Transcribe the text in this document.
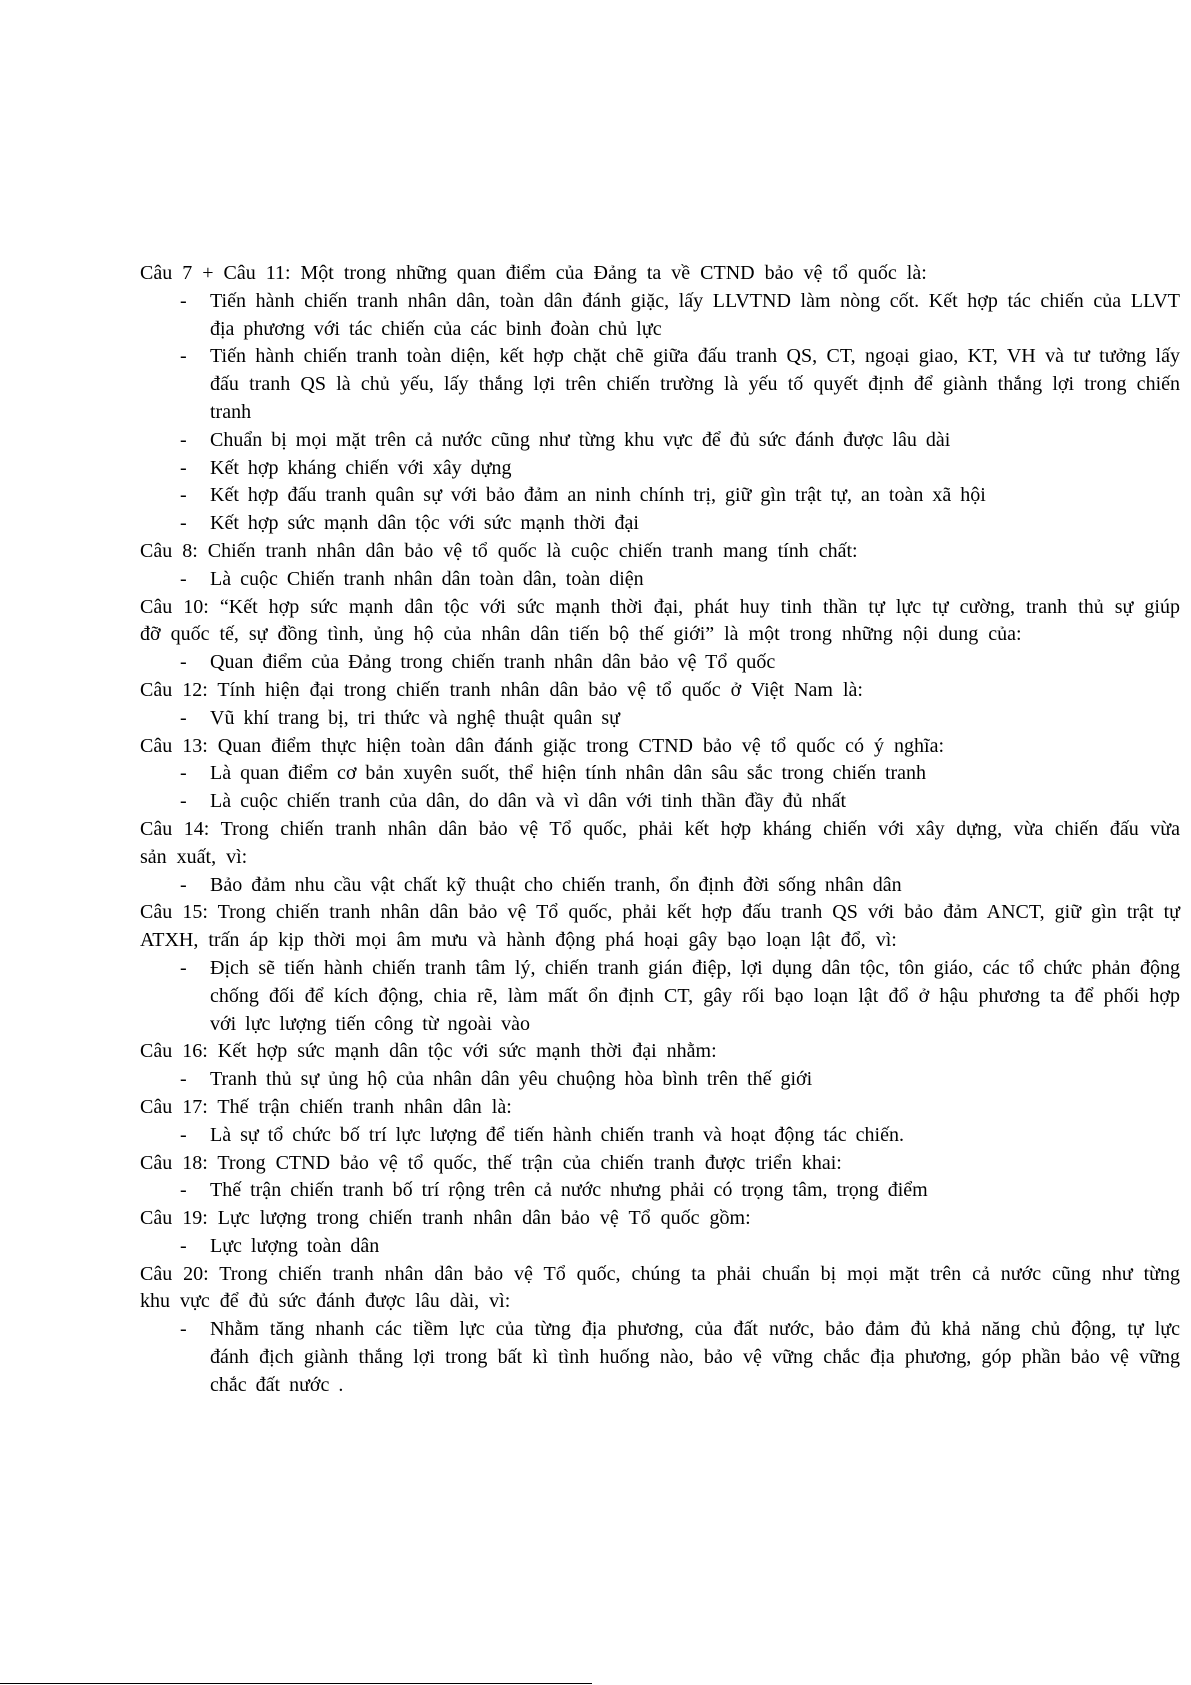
Câu 7 + Câu 11: Một trong những quan điểm của Đảng ta về CTND bảo vệ tổ quốc là:

- Tiến hành chiến tranh nhân dân, toàn dân đánh giặc, lấy LLVTND làm nòng cốt. Kết hợp tác chiến của LLVT địa phương với tác chiến của các binh đoàn chủ lực
- Tiến hành chiến tranh toàn diện, kết hợp chặt chẽ giữa đấu tranh QS, CT, ngoại giao, KT, VH và tư tưởng lấy đấu tranh QS là chủ yếu, lấy thắng lợi trên chiến trường là yếu tố quyết định để giành thắng lợi trong chiến tranh
- Chuẩn bị mọi mặt trên cả nước cũng như từng khu vực để đủ sức đánh được lâu dài
- Kết hợp kháng chiến với xây dựng
- Kết hợp đấu tranh quân sự với bảo đảm an ninh chính trị, giữ gìn trật tự, an toàn xã hội
- Kết hợp sức mạnh dân tộc với sức mạnh thời đại

Câu 8: Chiến tranh nhân dân bảo vệ tổ quốc là cuộc chiến tranh mang tính chất:

- Là cuộc Chiến tranh nhân dân toàn dân, toàn diện

Câu 10: “Kết hợp sức mạnh dân tộc với sức mạnh thời đại, phát huy tinh thần tự lực tự cường, tranh thủ sự giúp đỡ quốc tế, sự đồng tình, ủng hộ của nhân dân tiến bộ thế giới” là một trong những nội dung của:

- Quan điểm của Đảng trong chiến tranh nhân dân bảo vệ Tổ quốc

Câu 12: Tính hiện đại trong chiến tranh nhân dân bảo vệ tổ quốc ở Việt Nam là:

- Vũ khí trang bị, tri thức và nghệ thuật quân sự

Câu 13: Quan điểm thực hiện toàn dân đánh giặc trong CTND bảo vệ tổ quốc có ý nghĩa:

- Là quan điểm cơ bản xuyên suốt, thể hiện tính nhân dân sâu sắc trong chiến tranh
- Là cuộc chiến tranh của dân, do dân và vì dân với tinh thần đầy đủ nhất

Câu 14: Trong chiến tranh nhân dân bảo vệ Tổ quốc, phải kết hợp kháng chiến với xây dựng, vừa chiến đấu vừa sản xuất, vì:

- Bảo đảm nhu cầu vật chất kỹ thuật cho chiến tranh, ổn định đời sống nhân dân

Câu 15: Trong chiến tranh nhân dân bảo vệ Tổ quốc, phải kết hợp đấu tranh QS với bảo đảm ANCT, giữ gìn trật tự ATXH, trấn áp kịp thời mọi âm mưu và hành động phá hoại gây bạo loạn lật đổ, vì:

- Địch sẽ tiến hành chiến tranh tâm lý, chiến tranh gián điệp, lợi dụng dân tộc, tôn giáo, các tổ chức phản động chống đối để kích động, chia rẽ, làm mất ổn định CT, gây rối bạo loạn lật đổ ở hậu phương ta để phối hợp với lực lượng tiến công từ ngoài vào

Câu 16: Kết hợp sức mạnh dân tộc với sức mạnh thời đại nhằm:

- Tranh thủ sự ủng hộ của nhân dân yêu chuộng hòa bình trên thế giới

Câu 17: Thế trận chiến tranh nhân dân là:

- Là sự tổ chức bố trí lực lượng để tiến hành chiến tranh và hoạt động tác chiến.

Câu 18: Trong CTND bảo vệ tổ quốc, thế trận của chiến tranh được triển khai:

- Thế trận chiến tranh bố trí rộng trên cả nước nhưng phải có trọng tâm, trọng điểm

Câu 19: Lực lượng trong chiến tranh nhân dân bảo vệ Tổ quốc gồm:

- Lực lượng toàn dân

Câu 20: Trong chiến tranh nhân dân bảo vệ Tổ quốc, chúng ta phải chuẩn bị mọi mặt trên cả nước cũng như từng khu vực để đủ sức đánh được lâu dài, vì:

- Nhằm tăng nhanh các tiềm lực của từng địa phương, của đất nước, bảo đảm đủ khả năng chủ động, tự lực đánh địch giành thắng lợi trong bất kì tình huống nào, bảo vệ vững chắc địa phương, góp phần bảo vệ vững chắc đất nước .
